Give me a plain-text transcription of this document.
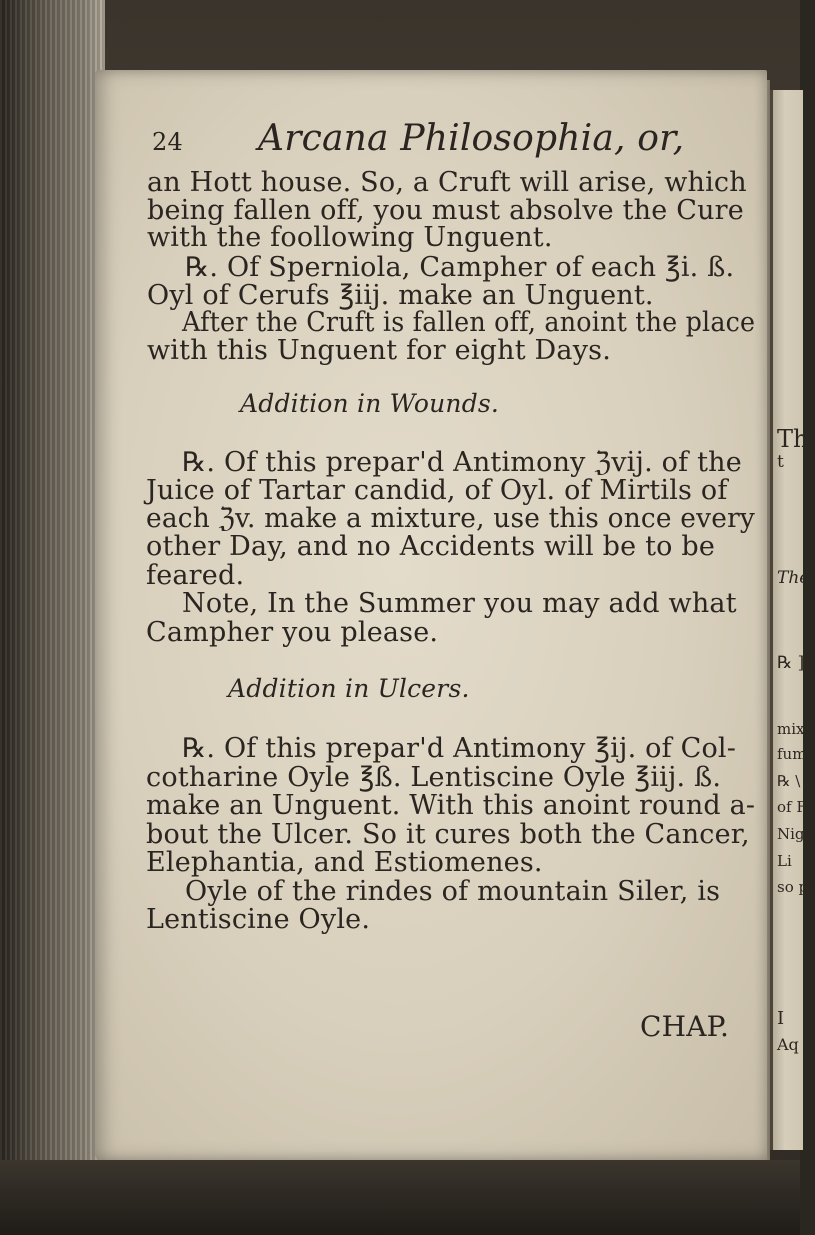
Th
t
The
℞ ]
mix
fum
℞ \
of F
Nig
Li
so pr
I
Aq
24 Arcana Philosophia, or,
an Hott house. So, a Cruft will arise, which
being fallen off, you must absolve the Cure
with the foollowing Unguent.
℞. Of Sperniola, Campher of each ℥i. ß.
Oyl of Cerufs ℥iij. make an Unguent.
After the Cruft is fallen off, anoint the place
with this Unguent for eight Days.
Addition in Wounds.
℞. Of this prepar'd Antimony ℨvij. of the
Juice of Tartar candid, of Oyl. of Mirtils of
each ℨv. make a mixture, use this once every
other Day, and no Accidents will be to be
feared.
Note, In the Summer you may add what
Campher you please.
Addition in Ulcers.
℞. Of this prepar'd Antimony ℥ij. of Col-
cotharine Oyle ℥ß. Lentiscine Oyle ℥iij. ß.
make an Unguent. With this anoint round a-
bout the Ulcer. So it cures both the Cancer,
Elephantia, and Estiomenes.
Oyle of the rindes of mountain Siler, is
Lentiscine Oyle.
CHAP.
